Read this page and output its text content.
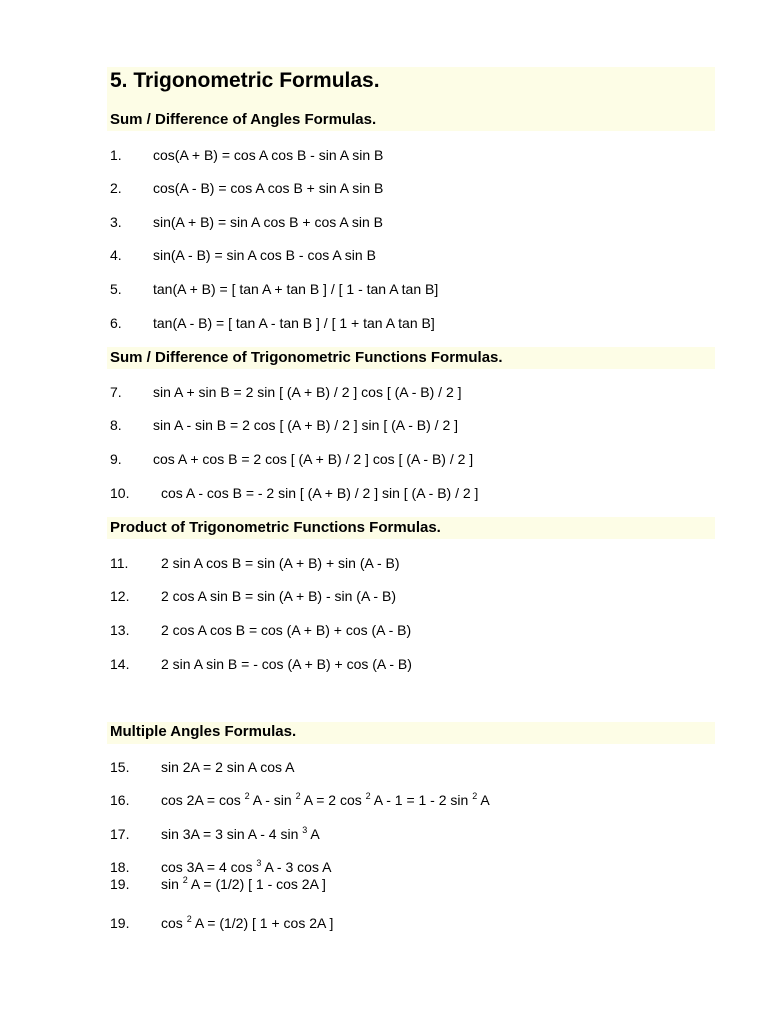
5. Trigonometric Formulas.
Sum / Difference of Angles Formulas.
1. cos(A + B) = cos A cos B - sin A sin B
2. cos(A - B) = cos A cos B + sin A sin B
3. sin(A + B) = sin A cos B + cos A sin B
4. sin(A - B) = sin A cos B - cos A sin B
5. tan(A + B) = [ tan A + tan B ] / [ 1 - tan A tan B]
6. tan(A - B) = [ tan A - tan B ] / [ 1 + tan A tan B]
Sum / Difference of Trigonometric Functions Formulas.
7. sin A + sin B = 2 sin [ (A + B) / 2 ] cos [ (A - B) / 2 ]
8. sin A - sin B = 2 cos [ (A + B) / 2 ] sin [ (A - B) / 2 ]
9. cos A + cos B = 2 cos [ (A + B) / 2 ] cos [ (A - B) / 2 ]
10. cos A - cos B = - 2 sin [ (A + B) / 2 ] sin [ (A - B) / 2 ]
Product of Trigonometric Functions Formulas.
11. 2 sin A cos B = sin (A + B) + sin (A - B)
12. 2 cos A sin B = sin (A + B) - sin (A - B)
13. 2 cos A cos B = cos (A + B) + cos (A - B)
14. 2 sin A sin B = - cos (A + B) + cos (A - B)
Multiple Angles Formulas.
15. sin 2A = 2 sin A cos A
16. cos 2A = cos $^2$ A - sin $^2$ A = 2 cos $^2$ A - 1 = 1 - 2 sin $^2$ A
17. sin 3A = 3 sin A - 4 sin $^3$ A
18. cos 3A = 4 cos $^3$ A - 3 cos A
19. sin $^2$ A = (1/2) [ 1 - cos 2A ]
19. cos $^2$ A = (1/2) [ 1 + cos 2A ]
